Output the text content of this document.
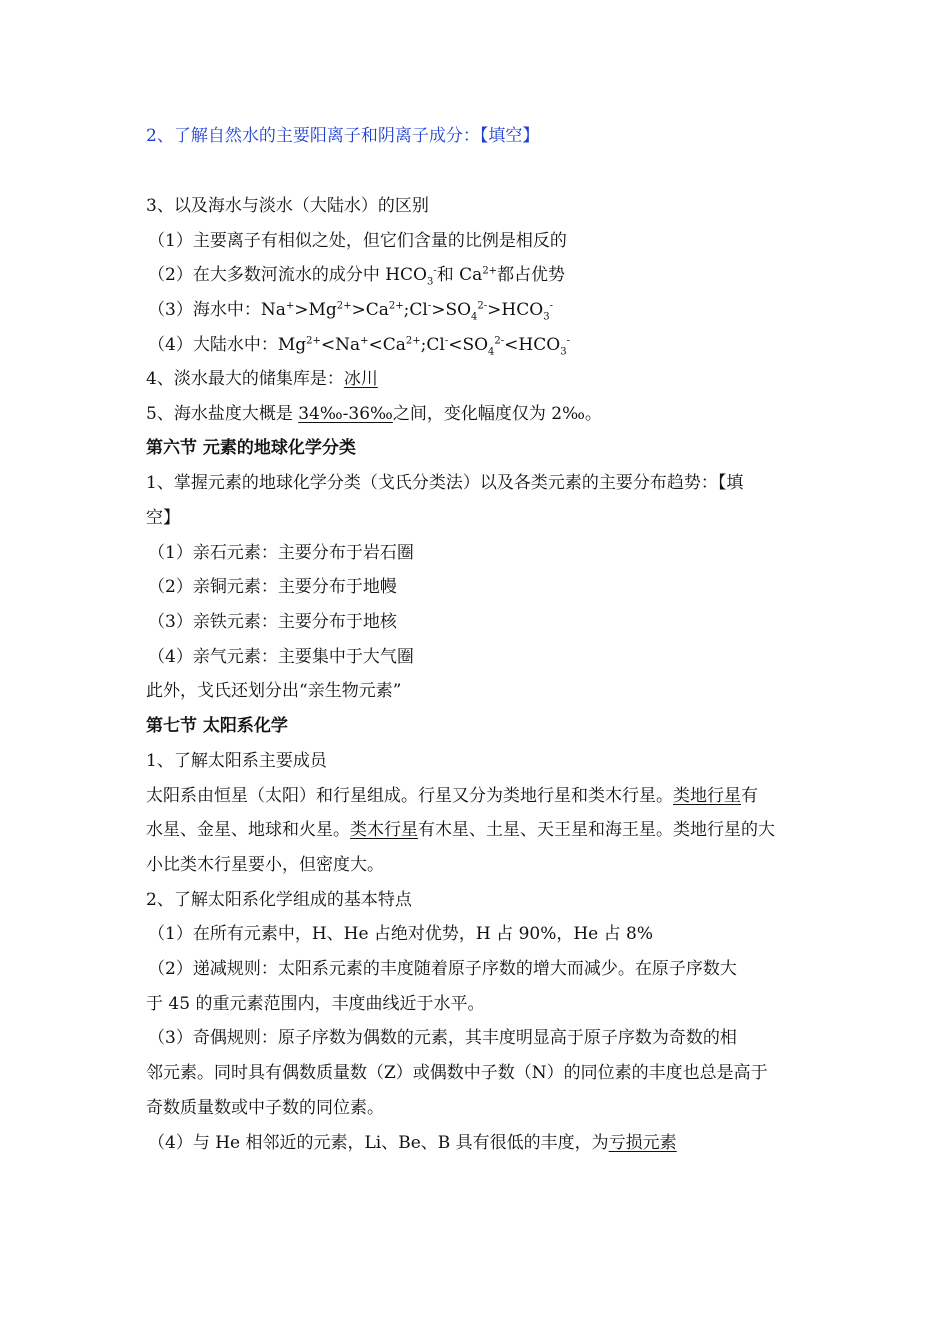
2、了解自然水的主要阳离子和阴离子成分：【填空】
3、以及海水与淡水（大陆水）的区别
（1）主要离子有相似之处，但它们含量的比例是相反的
（2）在大多数河流水的成分中 $HCO_3^-$和 $Ca^{2+}$都占优势
（3）海水中：$Na^+>Mg^{2+}>Ca^{2+};Cl^->SO_4^{2-}>HCO_3^-$
（4）大陆水中：$Mg^{2+}<Na^+<Ca^{2+};Cl^-<SO_4^{2-}<HCO_3^-$
4、淡水最大的储集库是：冰川
5、海水盐度大概是 34‰-36‰之间，变化幅度仅为 2‰。
第六节 元素的地球化学分类
1、掌握元素的地球化学分类（戈氏分类法）以及各类元素的主要分布趋势：【填
空】
（1）亲石元素：主要分布于岩石圈
（2）亲铜元素：主要分布于地幔
（3）亲铁元素：主要分布于地核
（4）亲气元素：主要集中于大气圈
此外，戈氏还划分出“亲生物元素”
第七节 太阳系化学
1、了解太阳系主要成员
太阳系由恒星（太阳）和行星组成。行星又分为类地行星和类木行星。类地行星有
水星、金星、地球和火星。类木行星有木星、土星、天王星和海王星。类地行星的大
小比类木行星要小，但密度大。
2、了解太阳系化学组成的基本特点
（1）在所有元素中，H、He 占绝对优势，H 占 90%，He 占 8%
（2）递减规则：太阳系元素的丰度随着原子序数的增大而减少。在原子序数大
于 45 的重元素范围内，丰度曲线近于水平。
（3）奇偶规则：原子序数为偶数的元素，其丰度明显高于原子序数为奇数的相
邻元素。同时具有偶数质量数（Z）或偶数中子数（N）的同位素的丰度也总是高于
奇数质量数或中子数的同位素。
（4）与 He 相邻近的元素，Li、Be、B 具有很低的丰度，为亏损元素
